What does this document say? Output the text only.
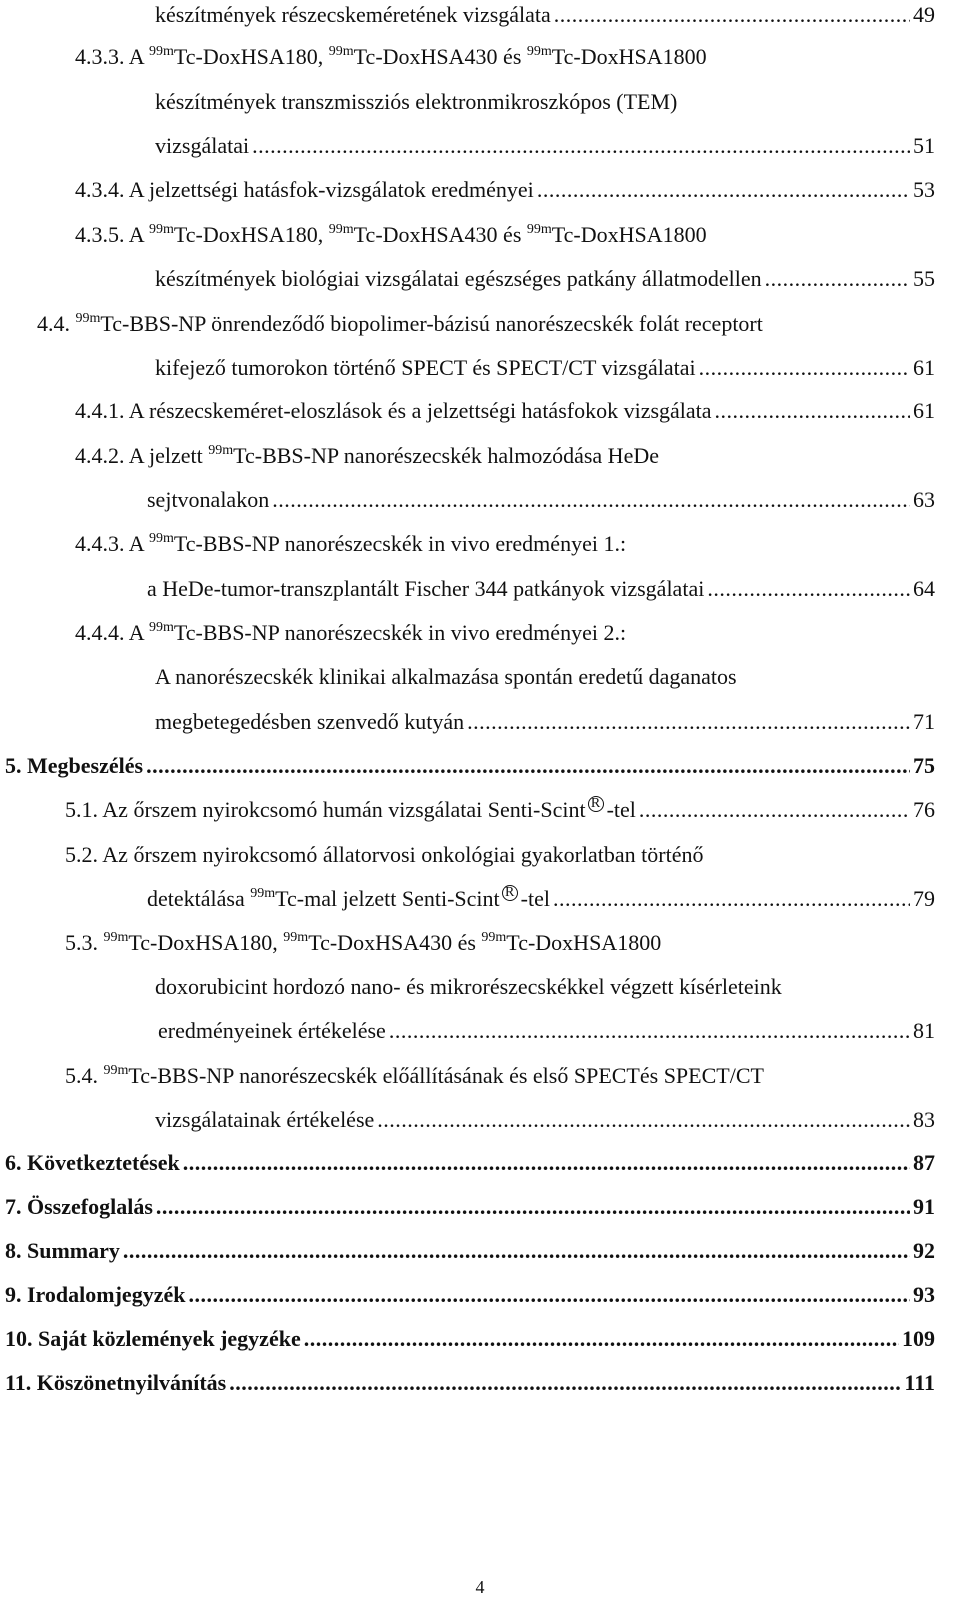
készítmények részecskeméretének vizsgálata .....	49
4.3.3. A $^{99m}$Tc-DoxHSA180, $^{99m}$Tc-DoxHSA430 és $^{99m}$Tc-DoxHSA1800
készítmények transzmissziós elektronmikroszkópos (TEM)
vizsgálatai .....	51
4.3.4. A jelzettségi hatásfok-vizsgálatok eredményei .....	53
4.3.5. A $^{99m}$Tc-DoxHSA180, $^{99m}$Tc-DoxHSA430 és $^{99m}$Tc-DoxHSA1800
készítmények biológiai vizsgálatai egészséges patkány állatmodellen .....	55
4.4. $^{99m}$Tc-BBS-NP önrendeződő biopolimer-bázisú nanorészecskék folát receptort
kifejező tumorokon történő SPECT és SPECT/CT vizsgálatai .....	61
4.4.1. A részecskeméret-eloszlások és a jelzettségi hatásfokok vizsgálata .....	61
4.4.2. A jelzett $^{99m}$Tc-BBS-NP nanorészecskék halmozódása HeDe
sejtvonalakon .....	63
4.4.3. A $^{99m}$Tc-BBS-NP nanorészecskék in vivo eredményei 1.:
a HeDe-tumor-transzplantált Fischer 344 patkányok vizsgálatai .....	64
4.4.4. A $^{99m}$Tc-BBS-NP nanorészecskék in vivo eredményei 2.:
A nanorészecskék klinikai alkalmazása spontán eredetű daganatos
megbetegedésben szenvedő kutyán .....	71
5. Megbeszélés .....	75
5.1. Az őrszem nyirokcsomó humán vizsgálatai Senti-Scint R -tel .....	76
5.2. Az őrszem nyirokcsomó állatorvosi onkológiai gyakorlatban történő
detektálása $^{99m}$Tc-mal jelzett Senti-Scint R -tel .....	79
5.3. $^{99m}$Tc-DoxHSA180, $^{99m}$Tc-DoxHSA430 és $^{99m}$Tc-DoxHSA1800
doxorubicint hordozó nano- és mikrorészecskékkel végzett kísérleteink
eredményeinek értékelése .....	81
5.4. $^{99m}$Tc-BBS-NP nanorészecskék előállításának és első SPECTés SPECT/CT
vizsgálatainak értékelése .....	83
6. Következtetések .....	87
7. Összefoglalás .....	91
8. Summary .....	92
9. Irodalomjegyzék .....	93
10. Saját közlemények jegyzéke .....	109
11. Köszönetnyilvánítás .....	111
4
